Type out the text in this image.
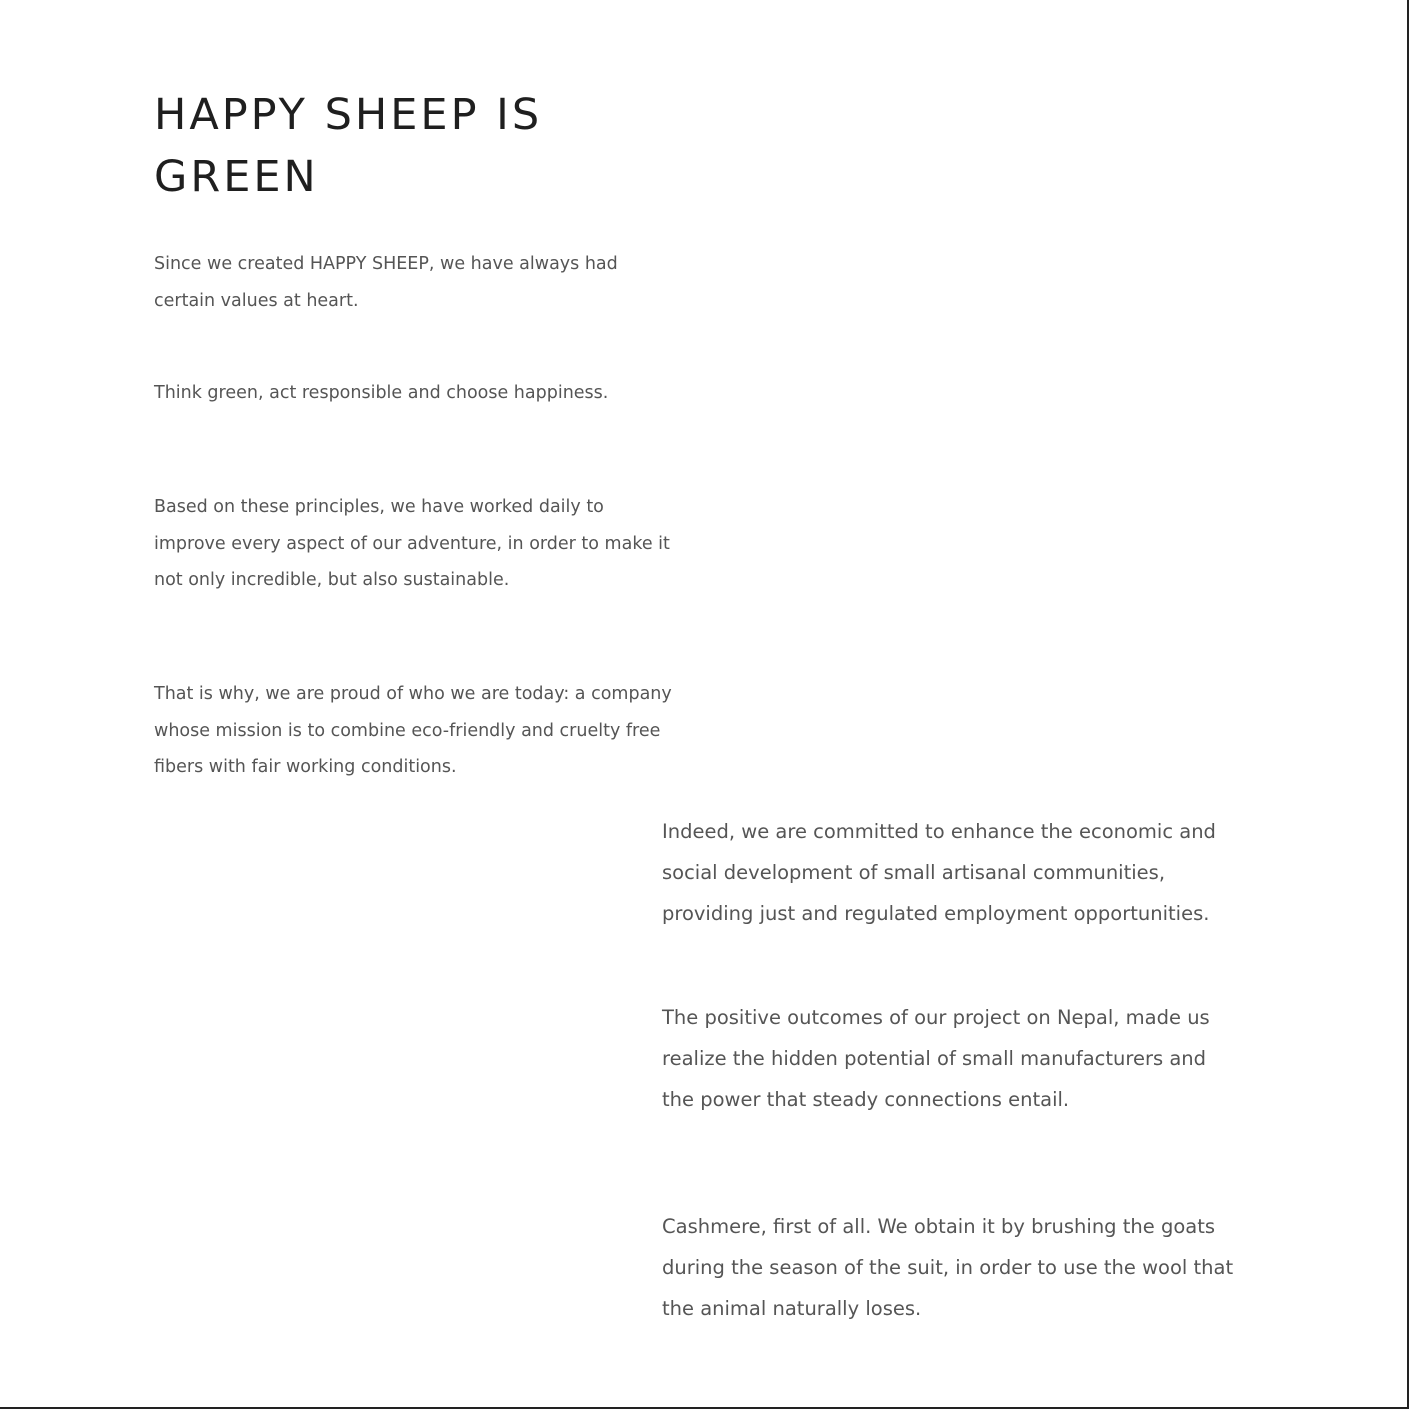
HAPPY SHEEP IS
GREEN

Since we created HAPPY SHEEP, we have always had
certain values at heart.

Think green, act responsible and choose happiness.

Based on these principles, we have worked daily to
improve every aspect of our adventure, in order to make it
not only incredible, but also sustainable.

That is why, we are proud of who we are today: a company
whose mission is to combine eco-friendly and cruelty free
fibers with fair working conditions.

Indeed, we are committed to enhance the economic and
social development of small artisanal communities,
providing just and regulated employment opportunities.

The positive outcomes of our project on Nepal, made us
realize the hidden potential of small manufacturers and
the power that steady connections entail.

Cashmere, first of all. We obtain it by brushing the goats
during the season of the suit, in order to use the wool that
the animal naturally loses.
